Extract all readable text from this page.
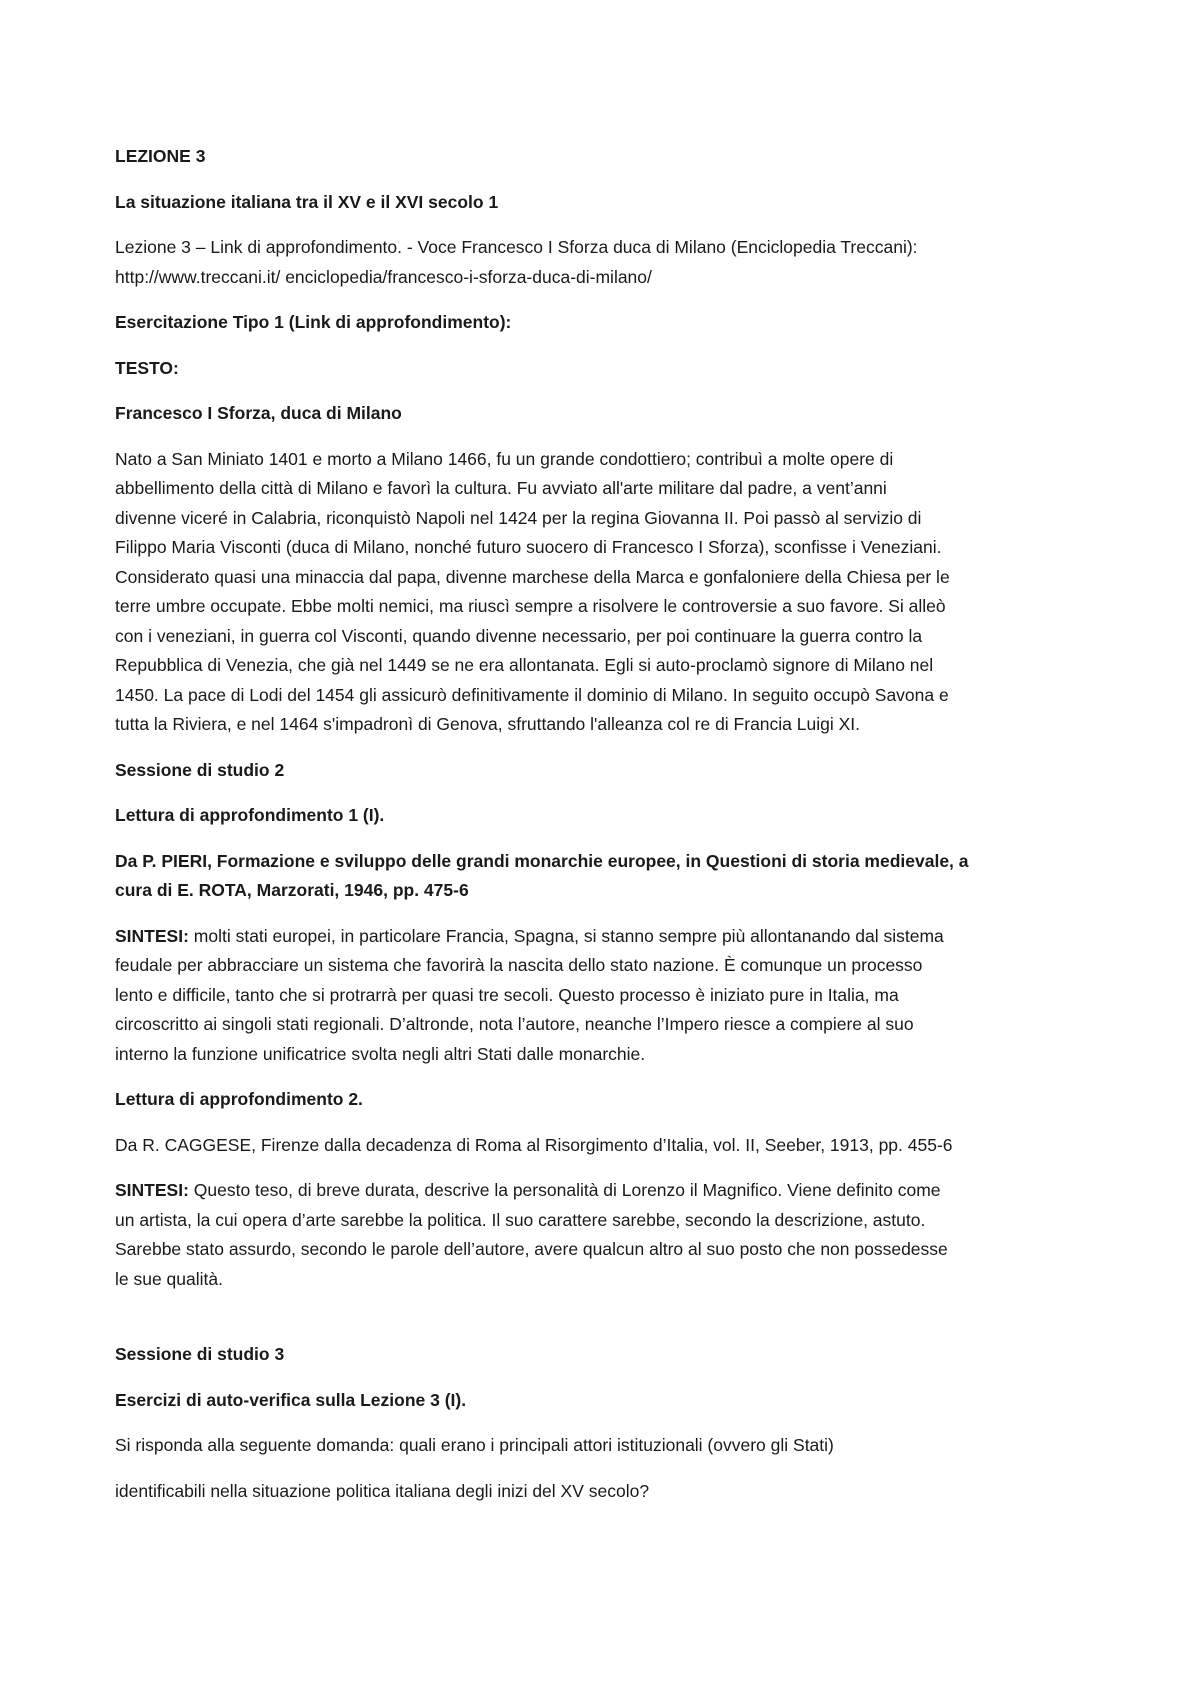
LEZIONE 3
La situazione italiana tra il XV e il XVI secolo 1
Lezione 3 – Link di approfondimento. - Voce Francesco I Sforza duca di Milano (Enciclopedia Treccani):
http://www.treccani.it/ enciclopedia/francesco-i-sforza-duca-di-milano/
Esercitazione Tipo 1 (Link di approfondimento):
TESTO:
Francesco I Sforza, duca di Milano
Nato a San Miniato 1401 e morto a Milano 1466, fu un grande condottiero; contribuì a molte opere di
abbellimento della città di Milano e favorì la cultura. Fu avviato all'arte militare dal padre, a vent’anni
divenne viceré in Calabria, riconquistò Napoli nel 1424 per la regina Giovanna II. Poi passò al servizio di
Filippo Maria Visconti (duca di Milano, nonché futuro suocero di Francesco I Sforza), sconfisse i Veneziani.
Considerato quasi una minaccia dal papa, divenne marchese della Marca e gonfaloniere della Chiesa per le
terre umbre occupate. Ebbe molti nemici, ma riuscì sempre a risolvere le controversie a suo favore. Si alleò
con i veneziani, in guerra col Visconti, quando divenne necessario, per poi continuare la guerra contro la
Repubblica di Venezia, che già nel 1449 se ne era allontanata. Egli si auto-proclamò signore di Milano nel
1450. La pace di Lodi del 1454 gli assicurò definitivamente il dominio di Milano. In seguito occupò Savona e
tutta la Riviera, e nel 1464 s'impadronì di Genova, sfruttando l'alleanza col re di Francia Luigi XI.
Sessione di studio 2
Lettura di approfondimento 1 (I).
Da P. PIERI, Formazione e sviluppo delle grandi monarchie europee, in Questioni di storia medievale, a
cura di E. ROTA, Marzorati, 1946, pp. 475-6
SINTESI: molti stati europei, in particolare Francia, Spagna, si stanno sempre più allontanando dal sistema
feudale per abbracciare un sistema che favorirà la nascita dello stato nazione. È comunque un processo
lento e difficile, tanto che si protrarrà per quasi tre secoli. Questo processo è iniziato pure in Italia, ma
circoscritto ai singoli stati regionali. D’altronde, nota l’autore, neanche l’Impero riesce a compiere al suo
interno la funzione unificatrice svolta negli altri Stati dalle monarchie.
Lettura di approfondimento 2.
Da R. CAGGESE, Firenze dalla decadenza di Roma al Risorgimento d’Italia, vol. II, Seeber, 1913, pp. 455-6
SINTESI: Questo teso, di breve durata, descrive la personalità di Lorenzo il Magnifico. Viene definito come
un artista, la cui opera d’arte sarebbe la politica. Il suo carattere sarebbe, secondo la descrizione, astuto.
Sarebbe stato assurdo, secondo le parole dell’autore, avere qualcun altro al suo posto che non possedesse
le sue qualità.
Sessione di studio 3
Esercizi di auto-verifica sulla Lezione 3 (I).
Si risponda alla seguente domanda: quali erano i principali attori istituzionali (ovvero gli Stati)
identificabili nella situazione politica italiana degli inizi del XV secolo?
